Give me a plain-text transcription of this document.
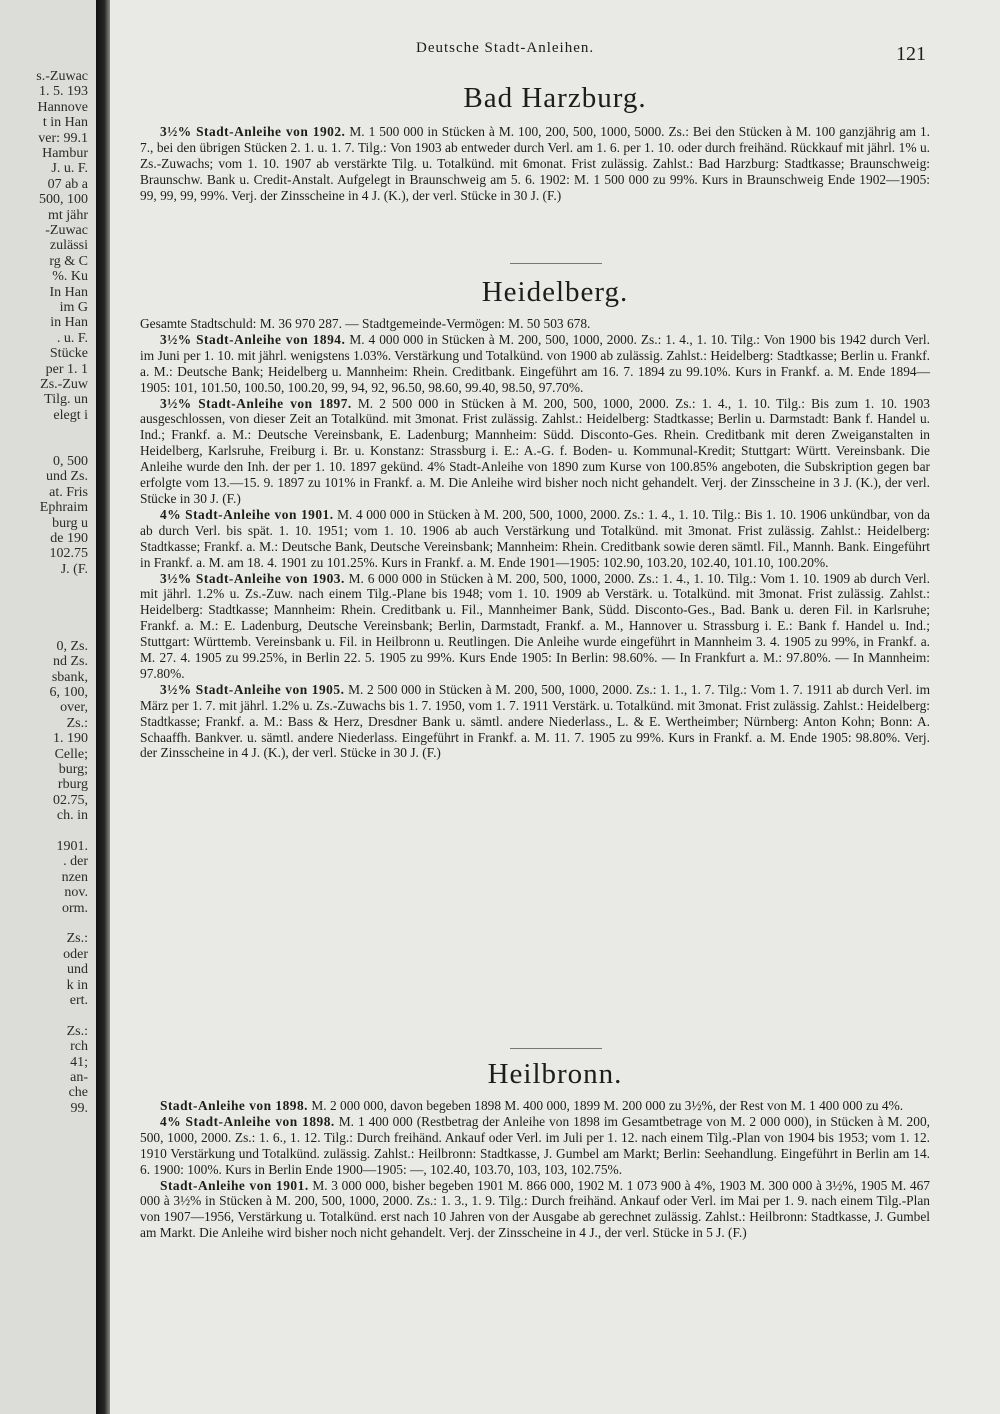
s.-Zuwac
1. 5. 193
Hannove
t in Han
ver: 99.1
Hambur
J. u. F.
07 ab a
500, 100
mt jähr
-Zuwac
zulässi
rg & C
%. Ku
In Han
im G
in Han
. u. F.
Stücke
per 1. 1
Zs.-Zuw
Tilg. un
elegt i
0, 500
und Zs.
at. Fris
Ephraim
burg u
de 190
102.75
J. (F.
0, Zs.
nd Zs.
sbank,
6, 100,
over,
Zs.:
1. 190
Celle;
burg;
rburg
02.75,
ch. in
1901.
. der
nzen
nov.
orm.
Zs.:
oder
und
k in
ert.
Zs.:
rch
41;
an-
che
99.
Deutsche Stadt-Anleihen.	121
Bad Harzburg.

3½% Stadt-Anleihe von 1902. M. 1 500 000 in Stücken à M. 100, 200, 500, 1000, 5000. Zs.: Bei den Stücken à M. 100 ganzjährig am 1. 7., bei den übrigen Stücken 2. 1. u. 1. 7. Tilg.: Von 1903 ab entweder durch Verl. am 1. 6. per 1. 10. oder durch freihänd. Rückkauf mit jährl. 1% u. Zs.-Zuwachs; vom 1. 10. 1907 ab verstärkte Tilg. u. Totalkünd. mit 6monat. Frist zulässig. Zahlst.: Bad Harzburg: Stadtkasse; Braunschweig: Braunschw. Bank u. Credit-Anstalt. Aufgelegt in Braunschweig am 5. 6. 1902: M. 1 500 000 zu 99%. Kurs in Braunschweig Ende 1902—1905: 99, 99, 99, 99%. Verj. der Zinsscheine in 4 J. (K.), der verl. Stücke in 30 J. (F.)

Heidelberg.

Gesamte Stadtschuld: M. 36 970 287. — Stadtgemeinde-Vermögen: M. 50 503 678.

3½% Stadt-Anleihe von 1894. M. 4 000 000 in Stücken à M. 200, 500, 1000, 2000. Zs.: 1. 4., 1. 10. Tilg.: Von 1900 bis 1942 durch Verl. im Juni per 1. 10. mit jährl. wenigstens 1.03%. Verstärkung und Totalkünd. von 1900 ab zulässig. Zahlst.: Heidelberg: Stadtkasse; Berlin u. Frankf. a. M.: Deutsche Bank; Heidelberg u. Mannheim: Rhein. Creditbank. Eingeführt am 16. 7. 1894 zu 99.10%. Kurs in Frankf. a. M. Ende 1894—1905: 101, 101.50, 100.50, 100.20, 99, 94, 92, 96.50, 98.60, 99.40, 98.50, 97.70%.

3½% Stadt-Anleihe von 1897. M. 2 500 000 in Stücken à M. 200, 500, 1000, 2000. Zs.: 1. 4., 1. 10. Tilg.: Bis zum 1. 10. 1903 ausgeschlossen, von dieser Zeit an Totalkünd. mit 3monat. Frist zulässig. Zahlst.: Heidelberg: Stadtkasse; Berlin u. Darmstadt: Bank f. Handel u. Ind.; Frankf. a. M.: Deutsche Vereinsbank, E. Ladenburg; Mannheim: Südd. Disconto-Ges. Rhein. Creditbank mit deren Zweiganstalten in Heidelberg, Karlsruhe, Freiburg i. Br. u. Konstanz: Strassburg i. E.: A.-G. f. Boden- u. Kommunal-Kredit; Stuttgart: Württ. Vereinsbank. Die Anleihe wurde den Inh. der per 1. 10. 1897 gekünd. 4% Stadt-Anleihe von 1890 zum Kurse von 100.85% angeboten, die Subskription gegen bar erfolgte vom 13.—15. 9. 1897 zu 101% in Frankf. a. M. Die Anleihe wird bisher noch nicht gehandelt. Verj. der Zinsscheine in 3 J. (K.), der verl. Stücke in 30 J. (F.)

4% Stadt-Anleihe von 1901. M. 4 000 000 in Stücken à M. 200, 500, 1000, 2000. Zs.: 1. 4., 1. 10. Tilg.: Bis 1. 10. 1906 unkündbar, von da ab durch Verl. bis spät. 1. 10. 1951; vom 1. 10. 1906 ab auch Verstärkung und Totalkünd. mit 3monat. Frist zulässig. Zahlst.: Heidelberg: Stadtkasse; Frankf. a. M.: Deutsche Bank, Deutsche Vereinsbank; Mannheim: Rhein. Creditbank sowie deren sämtl. Fil., Mannh. Bank. Eingeführt in Frankf. a. M. am 18. 4. 1901 zu 101.25%. Kurs in Frankf. a. M. Ende 1901—1905: 102.90, 103.20, 102.40, 101.10, 100.20%.

3½% Stadt-Anleihe von 1903. M. 6 000 000 in Stücken à M. 200, 500, 1000, 2000. Zs.: 1. 4., 1. 10. Tilg.: Vom 1. 10. 1909 ab durch Verl. mit jährl. 1.2% u. Zs.-Zuw. nach einem Tilg.-Plane bis 1948; vom 1. 10. 1909 ab Verstärk. u. Totalkünd. mit 3monat. Frist zulässig. Zahlst.: Heidelberg: Stadtkasse; Mannheim: Rhein. Creditbank u. Fil., Mannheimer Bank, Südd. Disconto-Ges., Bad. Bank u. deren Fil. in Karlsruhe; Frankf. a. M.: E. Ladenburg, Deutsche Vereinsbank; Berlin, Darmstadt, Frankf. a. M., Hannover u. Strassburg i. E.: Bank f. Handel u. Ind.; Stuttgart: Württemb. Vereinsbank u. Fil. in Heilbronn u. Reutlingen. Die Anleihe wurde eingeführt in Mannheim 3. 4. 1905 zu 99%, in Frankf. a. M. 27. 4. 1905 zu 99.25%, in Berlin 22. 5. 1905 zu 99%. Kurs Ende 1905: In Berlin: 98.60%. — In Frankfurt a. M.: 97.80%. — In Mannheim: 97.80%.

3½% Stadt-Anleihe von 1905. M. 2 500 000 in Stücken à M. 200, 500, 1000, 2000. Zs.: 1. 1., 1. 7. Tilg.: Vom 1. 7. 1911 ab durch Verl. im März per 1. 7. mit jährl. 1.2% u. Zs.-Zuwachs bis 1. 7. 1950, vom 1. 7. 1911 Verstärk. u. Totalkünd. mit 3monat. Frist zulässig. Zahlst.: Heidelberg: Stadtkasse; Frankf. a. M.: Bass & Herz, Dresdner Bank u. sämtl. andere Niederlass., L. & E. Wertheimber; Nürnberg: Anton Kohn; Bonn: A. Schaaffh. Bankver. u. sämtl. andere Niederlass. Eingeführt in Frankf. a. M. 11. 7. 1905 zu 99%. Kurs in Frankf. a. M. Ende 1905: 98.80%. Verj. der Zinsscheine in 4 J. (K.), der verl. Stücke in 30 J. (F.)

Heilbronn.

Stadt-Anleihe von 1898. M. 2 000 000, davon begeben 1898 M. 400 000, 1899 M. 200 000 zu 3½%, der Rest von M. 1 400 000 zu 4%.

4% Stadt-Anleihe von 1898. M. 1 400 000 (Restbetrag der Anleihe von 1898 im Gesamtbetrage von M. 2 000 000), in Stücken à M. 200, 500, 1000, 2000. Zs.: 1. 6., 1. 12. Tilg.: Durch freihänd. Ankauf oder Verl. im Juli per 1. 12. nach einem Tilg.-Plan von 1904 bis 1953; vom 1. 12. 1910 Verstärkung und Totalkünd. zulässig. Zahlst.: Heilbronn: Stadtkasse, J. Gumbel am Markt; Berlin: Seehandlung. Eingeführt in Berlin am 14. 6. 1900: 100%. Kurs in Berlin Ende 1900—1905: —, 102.40, 103.70, 103, 103, 102.75%.

Stadt-Anleihe von 1901. M. 3 000 000, bisher begeben 1901 M. 866 000, 1902 M. 1 073 900 à 4%, 1903 M. 300 000 à 3½%, 1905 M. 467 000 à 3½% in Stücken à M. 200, 500, 1000, 2000. Zs.: 1. 3., 1. 9. Tilg.: Durch freihänd. Ankauf oder Verl. im Mai per 1. 9. nach einem Tilg.-Plan von 1907—1956, Verstärkung u. Totalkünd. erst nach 10 Jahren von der Ausgabe ab gerechnet zulässig. Zahlst.: Heilbronn: Stadtkasse, J. Gumbel am Markt. Die Anleihe wird bisher noch nicht gehandelt. Verj. der Zinsscheine in 4 J., der verl. Stücke in 5 J. (F.)
